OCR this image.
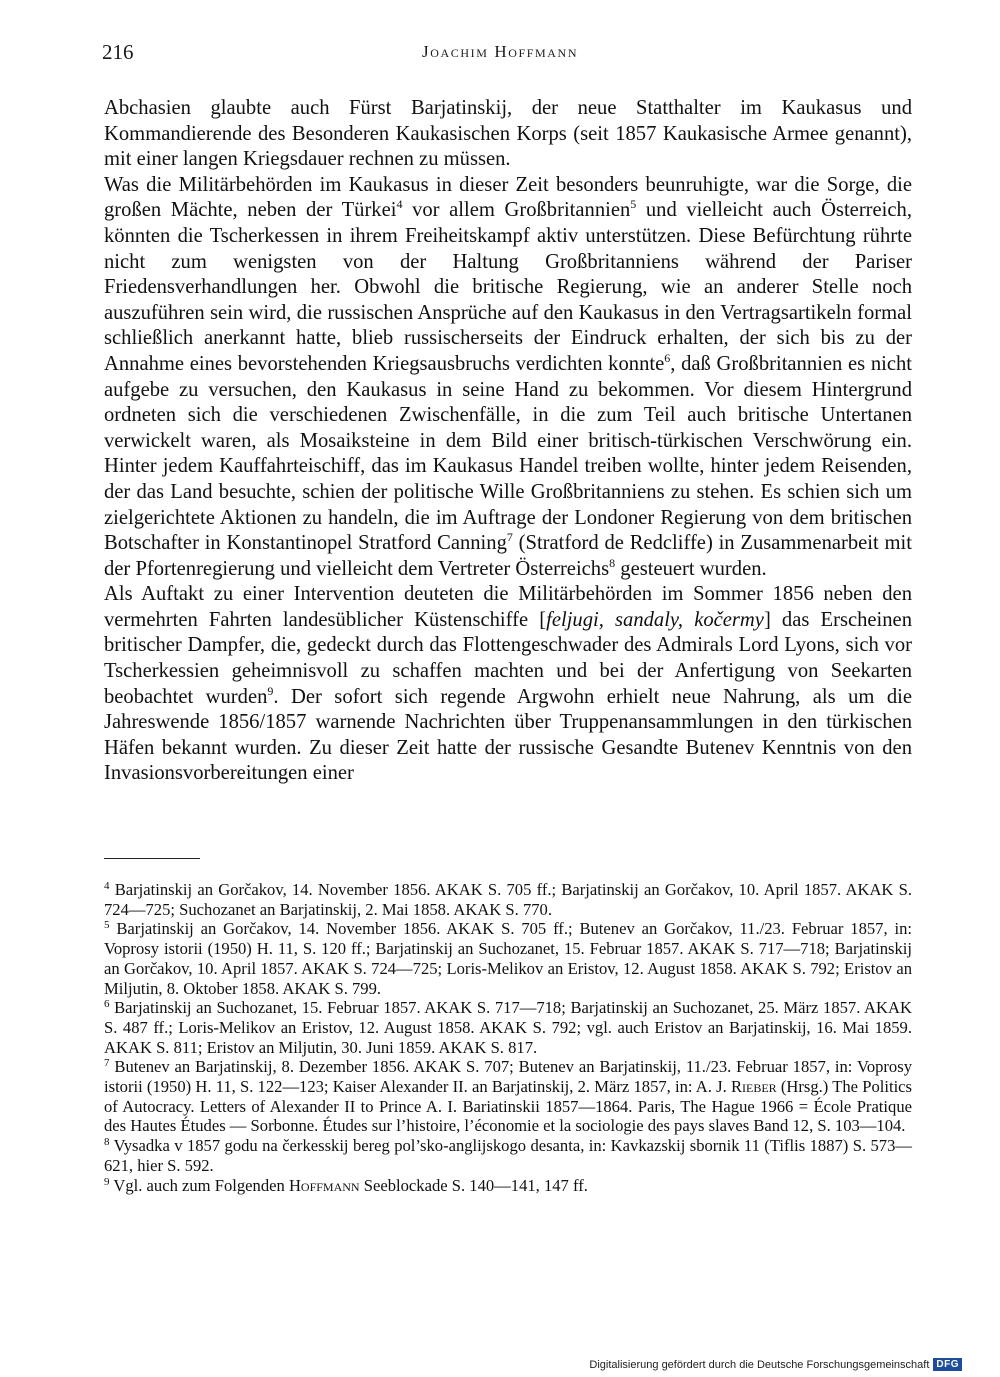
216	Joachim Hoffmann

Abchasien glaubte auch Fürst Barjatinskij, der neue Statthalter im Kaukasus und Kommandierende des Besonderen Kaukasischen Korps (seit 1857 Kaukasische Armee genannt), mit einer langen Kriegsdauer rechnen zu müssen.

Was die Militärbehörden im Kaukasus in dieser Zeit besonders beunruhigte, war die Sorge, die großen Mächte, neben der Türkei$^4$ vor allem Großbritannien$^5$ und vielleicht auch Österreich, könnten die Tscherkessen in ihrem Freiheitskampf aktiv unterstützen. Diese Befürchtung rührte nicht zum wenigsten von der Haltung Großbritanniens während der Pariser Friedensverhandlungen her. Obwohl die britische Regierung, wie an anderer Stelle noch auszuführen sein wird, die russischen Ansprüche auf den Kaukasus in den Vertragsartikeln formal schließlich anerkannt hatte, blieb russischerseits der Eindruck erhalten, der sich bis zu der Annahme eines bevorstehenden Kriegsausbruchs verdichten konnte$^6$, daß Großbritannien es nicht aufgebe zu versuchen, den Kaukasus in seine Hand zu bekommen. Vor diesem Hintergrund ordneten sich die verschiedenen Zwischenfälle, in die zum Teil auch britische Untertanen verwickelt waren, als Mosaiksteine in dem Bild einer britisch-türkischen Verschwörung ein. Hinter jedem Kauffahrteischiff, das im Kaukasus Handel treiben wollte, hinter jedem Reisenden, der das Land besuchte, schien der politische Wille Großbritanniens zu stehen. Es schien sich um zielgerichtete Aktionen zu handeln, die im Auftrage der Londoner Regierung von dem britischen Botschafter in Konstantinopel Stratford Canning$^7$ (Stratford de Redcliffe) in Zusammenarbeit mit der Pfortenregierung und vielleicht dem Vertreter Österreichs$^8$ gesteuert wurden.

Als Auftakt zu einer Intervention deuteten die Militärbehörden im Sommer 1856 neben den vermehrten Fahrten landesüblicher Küstenschiffe [feljugi, sandaly, kočermy] das Erscheinen britischer Dampfer, die, gedeckt durch das Flottengeschwader des Admirals Lord Lyons, sich vor Tscherkessien geheimnisvoll zu schaffen machten und bei der Anfertigung von Seekarten beobachtet wurden$^9$. Der sofort sich regende Argwohn erhielt neue Nahrung, als um die Jahreswende 1856/1857 warnende Nachrichten über Truppenansammlungen in den türkischen Häfen bekannt wurden. Zu dieser Zeit hatte der russische Gesandte Butenev Kenntnis von den Invasionsvorbereitungen einer

$^4$ Barjatinskij an Gorčakov, 14. November 1856. AKAK S. 705 ff.; Barjatinskij an Gorčakov, 10. April 1857. AKAK S. 724—725; Suchozanet an Barjatinskij, 2. Mai 1858. AKAK S. 770.

$^5$ Barjatinskij an Gorčakov, 14. November 1856. AKAK S. 705 ff.; Butenev an Gorčakov, 11./23. Februar 1857, in: Voprosy istorii (1950) H. 11, S. 120 ff.; Barjatinskij an Suchozanet, 15. Februar 1857. AKAK S. 717—718; Barjatinskij an Gorčakov, 10. April 1857. AKAK S. 724—725; Loris-Melikov an Eristov, 12. August 1858. AKAK S. 792; Eristov an Miljutin, 8. Oktober 1858. AKAK S. 799.

$^6$ Barjatinskij an Suchozanet, 15. Februar 1857. AKAK S. 717—718; Barjatinskij an Suchozanet, 25. März 1857. AKAK S. 487 ff.; Loris-Melikov an Eristov, 12. August 1858. AKAK S. 792; vgl. auch Eristov an Barjatinskij, 16. Mai 1859. AKAK S. 811; Eristov an Miljutin, 30. Juni 1859. AKAK S. 817.

$^7$ Butenev an Barjatinskij, 8. Dezember 1856. AKAK S. 707; Butenev an Barjatinskij, 11./23. Februar 1857, in: Voprosy istorii (1950) H. 11, S. 122—123; Kaiser Alexander II. an Barjatinskij, 2. März 1857, in: A. J. Rieber (Hrsg.) The Politics of Autocracy. Letters of Alexander II to Prince A. I. Bariatinskii 1857—1864. Paris, The Hague 1966 = École Pratique des Hautes Études — Sorbonne. Études sur l’histoire, l’économie et la sociologie des pays slaves Band 12, S. 103—104.

$^8$ Vysadka v 1857 godu na čerkesskij bereg pol’sko-anglijskogo desanta, in: Kavkazskij sbornik 11 (Tiflis 1887) S. 573—621, hier S. 592.

$^9$ Vgl. auch zum Folgenden Hoffmann Seeblockade S. 140—141, 147 ff.

Digitalisierung gefördert durch die Deutsche Forschungsgemeinschaft DFG
